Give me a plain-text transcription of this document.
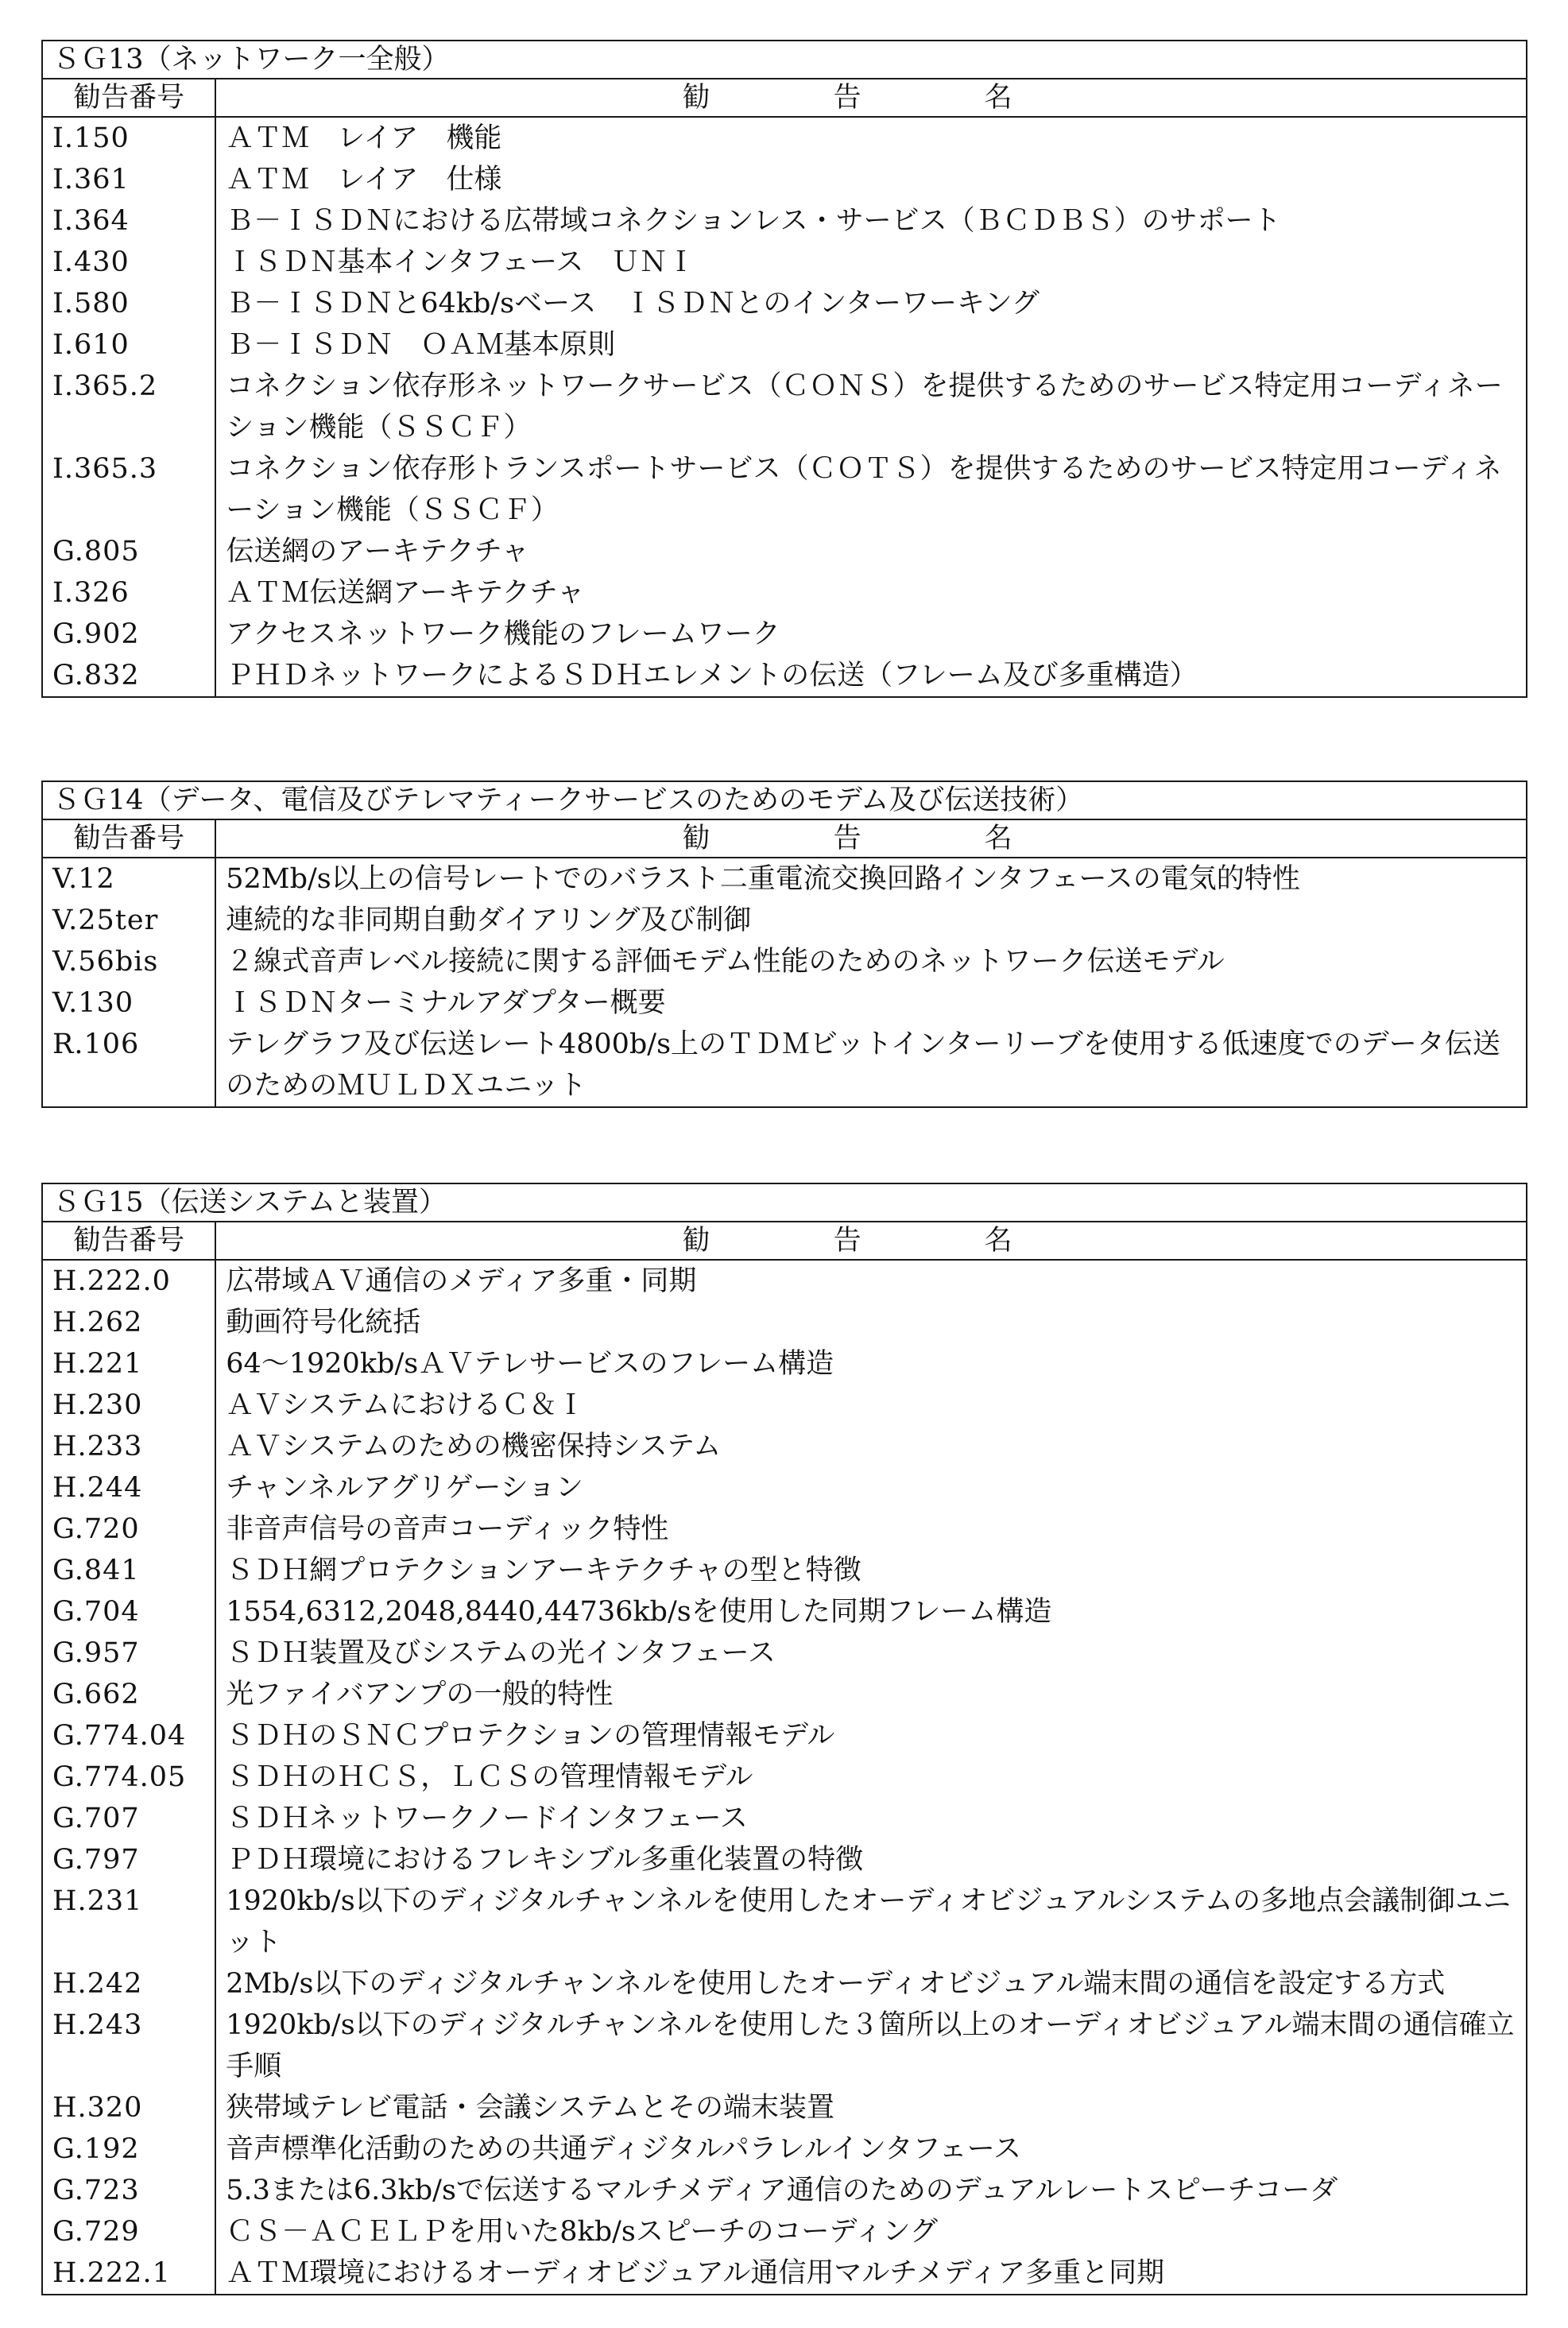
ＳＧ13（ネットワーク一全般）	
勧告番号	勧　告　名
I.150	ＡＴＭ　レイア　機能
I.361	ＡＴＭ　レイア　仕様
I.364	Ｂ－ＩＳＤＮにおける広帯域コネクションレス・サービス（ＢＣＤＢＳ）のサポート
I.430	ＩＳＤＮ基本インタフェース　ＵＮＩ
I.580	Ｂ－ＩＳＤＮと64kb/sベース　ＩＳＤＮとのインターワーキング
I.610	Ｂ－ＩＳＤＮ　ＯＡＭ基本原則
I.365.2	コネクション依存形ネットワークサービス（ＣＯＮＳ）を提供するためのサービス特定用コーディネーション機能（ＳＳＣＦ）
I.365.3	コネクション依存形トランスポートサービス（ＣＯＴＳ）を提供するためのサービス特定用コーディネーション機能（ＳＳＣＦ）
G.805	伝送網のアーキテクチャ
I.326	ＡＴＭ伝送網アーキテクチャ
G.902	アクセスネットワーク機能のフレームワーク
G.832	ＰＨＤネットワークによるＳＤＨエレメントの伝送（フレーム及び多重構造）
ＳＧ14（データ、電信及びテレマティークサービスのためのモデム及び伝送技術）	
勧告番号	勧　告　名
V.12	52Mb/s以上の信号レートでのバラスト二重電流交換回路インタフェースの電気的特性
V.25ter	連続的な非同期自動ダイアリング及び制御
V.56bis	２線式音声レベル接続に関する評価モデム性能のためのネットワーク伝送モデル
V.130	ＩＳＤＮターミナルアダプター概要
R.106	テレグラフ及び伝送レート4800b/s上のＴＤＭビットインターリーブを使用する低速度でのデータ伝送のためのＭＵＬＤＸユニット
ＳＧ15（伝送システムと装置）	
勧告番号	勧　告　名
H.222.0	広帯域ＡＶ通信のメディア多重・同期
H.262	動画符号化統括
H.221	64～1920kb/sＡＶテレサービスのフレーム構造
H.230	ＡＶシステムにおけるＣ＆Ｉ
H.233	ＡＶシステムのための機密保持システム
H.244	チャンネルアグリゲーション
G.720	非音声信号の音声コーディック特性
G.841	ＳＤＨ網プロテクションアーキテクチャの型と特徴
G.704	1554,6312,2048,8440,44736kb/sを使用した同期フレーム構造
G.957	ＳＤＨ装置及びシステムの光インタフェース
G.662	光ファイバアンプの一般的特性
G.774.04	ＳＤＨのＳＮＣプロテクションの管理情報モデル
G.774.05	ＳＤＨのＨＣＳ，ＬＣＳの管理情報モデル
G.707	ＳＤＨネットワークノードインタフェース
G.797	ＰＤＨ環境におけるフレキシブル多重化装置の特徴
H.231	1920kb/s以下のディジタルチャンネルを使用したオーディオビジュアルシステムの多地点会議制御ユニット
H.242	2Mb/s以下のディジタルチャンネルを使用したオーディオビジュアル端末間の通信を設定する方式
H.243	1920kb/s以下のディジタルチャンネルを使用した３箇所以上のオーディオビジュアル端末間の通信確立手順
H.320	狭帯域テレビ電話・会議システムとその端末装置
G.192	音声標準化活動のための共通ディジタルパラレルインタフェース
G.723	5.3または6.3kb/sで伝送するマルチメディア通信のためのデュアルレートスピーチコーダ
G.729	ＣＳ－ＡＣＥＬＰを用いた8kb/sスピーチのコーディング
H.222.1	ＡＴＭ環境におけるオーディオビジュアル通信用マルチメディア多重と同期
